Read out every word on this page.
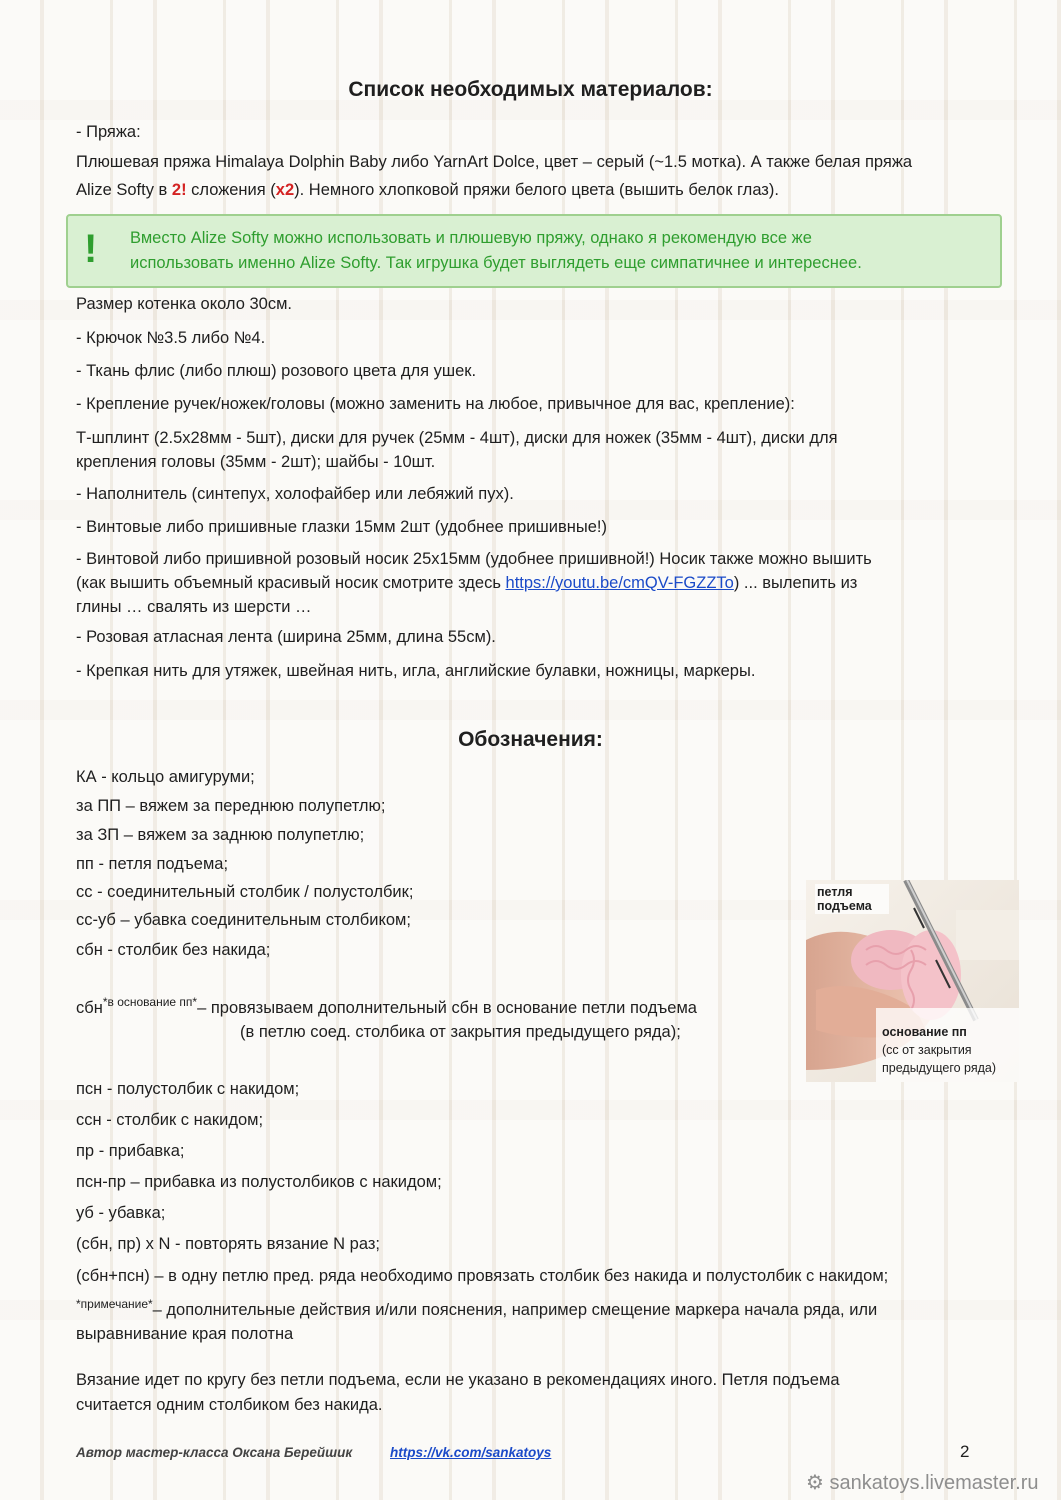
Список необходимых материалов:
- Пряжа:
Плюшевая пряжа Himalaya Dolphin Baby либо YarnArt Dolce, цвет – серый (~1.5 мотка). А также белая пряжа
Alize Softy в 2! сложения (х2). Немного хлопковой пряжи белого цвета (вышить белок глаз).
! Вместо Alize Softy можно использовать и плюшевую пряжу, однако я рекомендую все же
использовать именно Alize Softy. Так игрушка будет выглядеть еще симпатичнее и интереснее.
Размер котенка около 30см.
- Крючок №3.5 либо №4.
- Ткань флис (либо плюш) розового цвета для ушек.
- Крепление ручек/ножек/головы (можно заменить на любое, привычное для вас, крепление):
Т-шплинт (2.5х28мм - 5шт), диски для ручек (25мм - 4шт), диски для ножек (35мм - 4шт), диски для
крепления головы (35мм - 2шт); шайбы - 10шт.
- Наполнитель (синтепух, холофайбер или лебяжий пух).
- Винтовые либо пришивные глазки 15мм 2шт (удобнее пришивные!)
- Винтовой либо пришивной розовый носик 25х15мм (удобнее пришивной!) Носик также можно вышить
(как вышить объемный красивый носик смотрите здесь https://youtu.be/cmQV-FGZZTo) ... вылепить из
глины … свалять из шерсти …
- Розовая атласная лента (ширина 25мм, длина 55см).
- Крепкая нить для утяжек, швейная нить, игла, английские булавки, ножницы, маркеры.
Обозначения:
КА - кольцо амигуруми;
за ПП – вяжем за переднюю полупетлю;
за ЗП – вяжем за заднюю полупетлю;
пп - петля подъема;
сс - соединительный столбик / полустолбик;
сс-уб – убавка соединительным столбиком;
сбн - столбик без накида;
сбн$^{*в основание пп*}$– провязываем дополнительный сбн в основание петли подъема
(в петлю соед. столбика от закрытия предыдущего ряда);
псн - полустолбик с накидом;
ссн - столбик с накидом;
пр - прибавка;
псн-пр – прибавка из полустолбиков с накидом;
уб - убавка;
(сбн, пр) х N - повторять вязание N раз;
(сбн+псн) – в одну петлю пред. ряда необходимо провязать столбик без накида и полустолбик с накидом;
$^{*примечание*}$– дополнительные действия и/или пояснения, например смещение маркера начала ряда, или
выравнивание края полотна
Вязание идет по кругу без петли подъема, если не указано в рекомендациях иного. Петля подъема
считается одним столбиком без накида.
петля подъема
основание пп
(сс от закрытия
предыдущего ряда)
Автор мастер-класса Оксана Берейшик	https://vk.com/sankatoys	2
⚙ sankatoys.livemaster.ru
